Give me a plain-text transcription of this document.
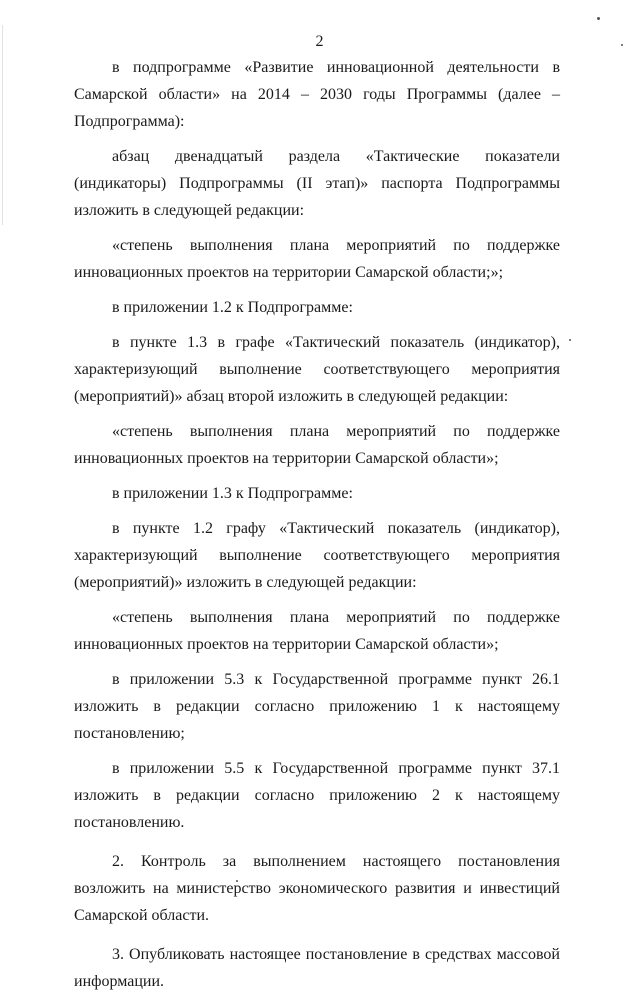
2

в подпрограмме «Развитие инновационной деятельности в Самарской области» на 2014 – 2030 годы Программы (далее – Подпрограмма):

абзац двенадцатый раздела «Тактические показатели (индикаторы) Подпрограммы (II этап)» паспорта Подпрограммы изложить в следующей редакции:

«степень выполнения плана мероприятий по поддержке инновационных проектов на территории Самарской области;»;

в приложении 1.2 к Подпрограмме:

в пункте 1.3 в графе «Тактический показатель (индикатор), характеризующий выполнение соответствующего мероприятия (мероприятий)» абзац второй изложить в следующей редакции:

«степень выполнения плана мероприятий по поддержке инновационных проектов на территории Самарской области»;

в приложении 1.3 к Подпрограмме:

в пункте 1.2 графу «Тактический показатель (индикатор), характеризующий выполнение соответствующего мероприятия (мероприятий)» изложить в следующей редакции:

«степень выполнения плана мероприятий по поддержке инновационных проектов на территории Самарской области»;

в приложении 5.3 к Государственной программе пункт 26.1 изложить в редакции согласно приложению 1 к настоящему постановлению;

в приложении 5.5 к Государственной программе пункт 37.1 изложить в редакции согласно приложению 2 к настоящему постановлению.

2. Контроль за выполнением настоящего постановления возложить на министерство экономического развития и инвестиций Самарской области.

3. Опубликовать настоящее постановление в средствах массовой информации.
